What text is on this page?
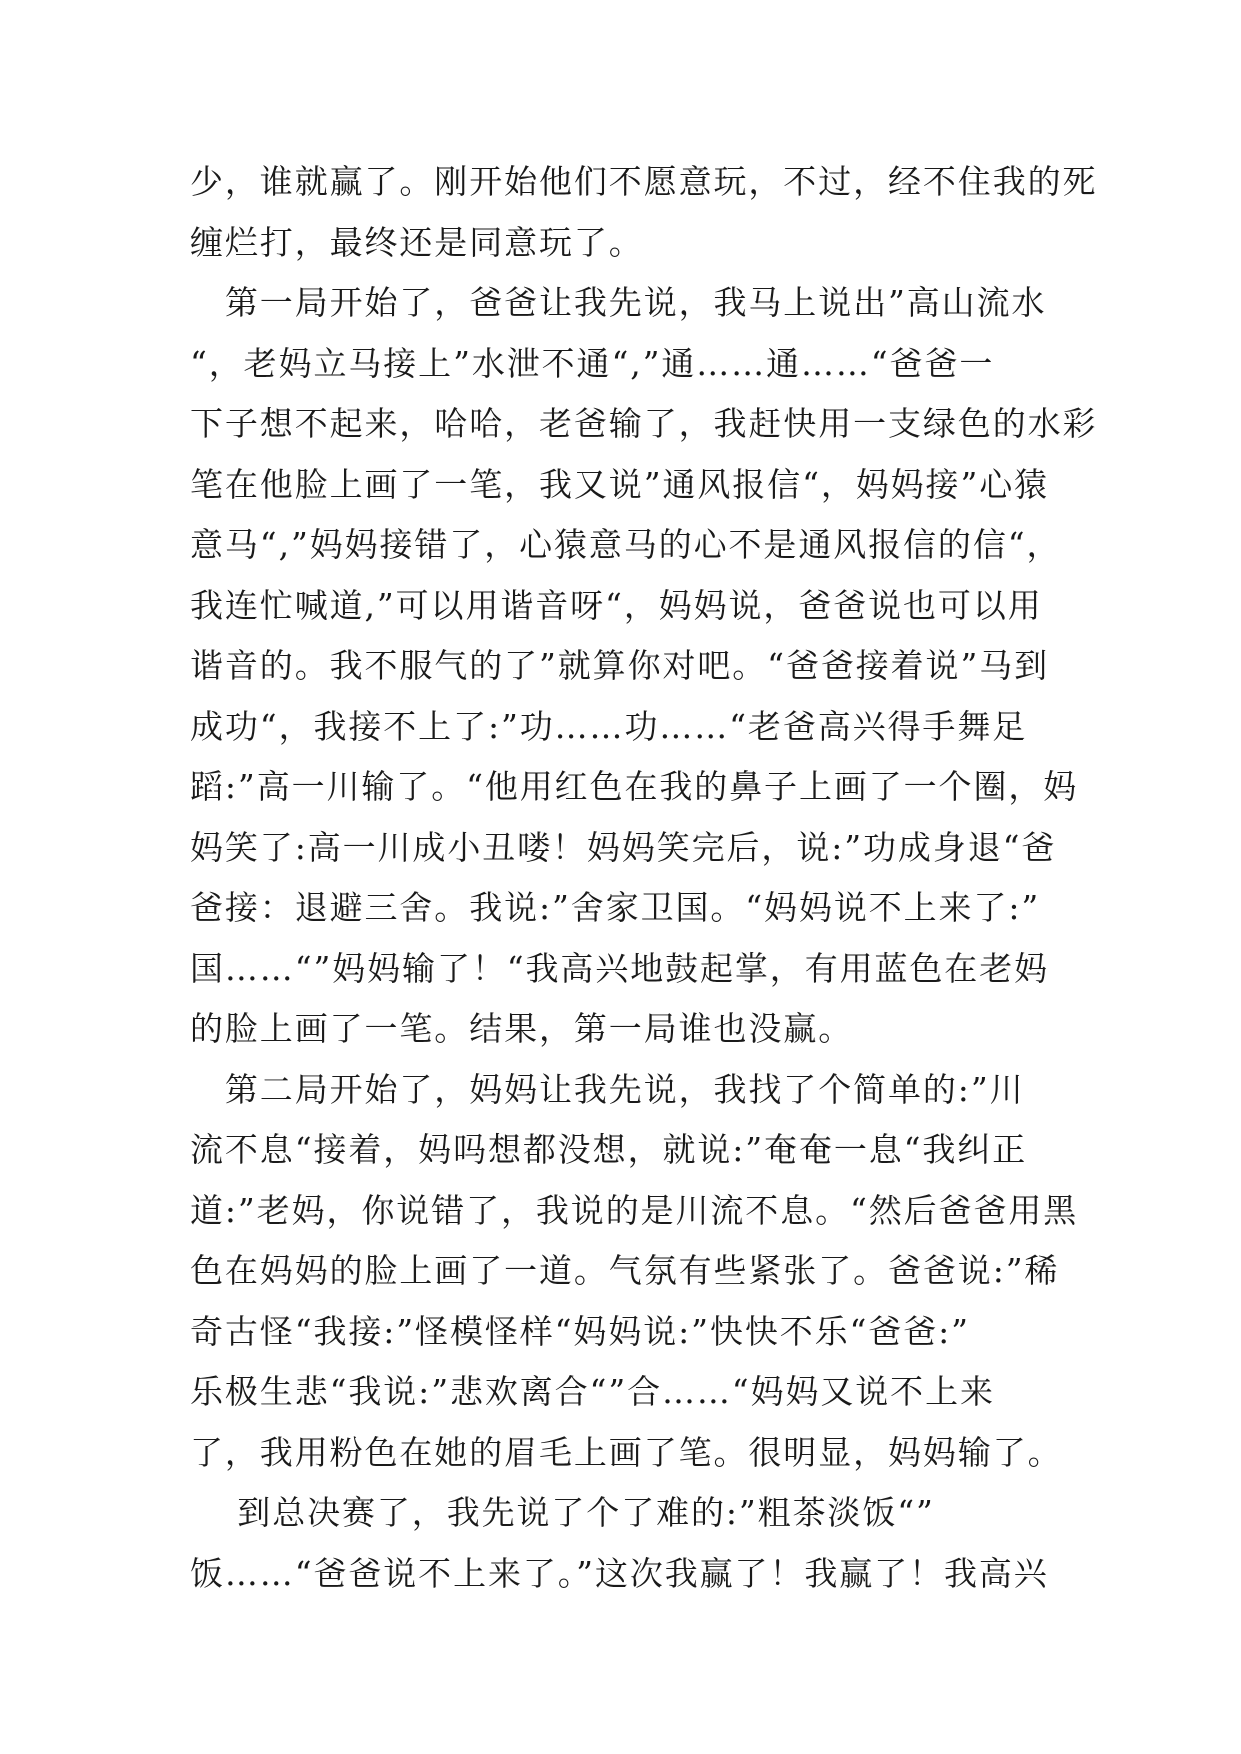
少，谁就赢了。刚开始他们不愿意玩，不过，经不住我的死
缠烂打，最终还是同意玩了。
　第一局开始了，爸爸让我先说，我马上说出”高山流水
“，老妈立马接上”水泄不通“,”通……通……“爸爸一
下子想不起来，哈哈，老爸输了，我赶快用一支绿色的水彩
笔在他脸上画了一笔，我又说”通风报信“，妈妈接”心猿
意马“,”妈妈接错了，心猿意马的心不是通风报信的信“，
我连忙喊道,”可以用谐音呀“，妈妈说，爸爸说也可以用
谐音的。我不服气的了”就算你对吧。“爸爸接着说”马到
成功“，我接不上了:”功……功……“老爸高兴得手舞足
蹈:”高一川输了。“他用红色在我的鼻子上画了一个圈，妈
妈笑了:高一川成小丑喽！妈妈笑完后，说:”功成身退“爸
爸接：退避三舍。我说:”舍家卫国。“妈妈说不上来了:”
国……“”妈妈输了！“我高兴地鼓起掌，有用蓝色在老妈
的脸上画了一笔。结果，第一局谁也没赢。
　第二局开始了，妈妈让我先说，我找了个简单的:”川
流不息“接着，妈吗想都没想，就说:”奄奄一息“我纠正
道:”老妈，你说错了，我说的是川流不息。“然后爸爸用黑
色在妈妈的脸上画了一道。气氛有些紧张了。爸爸说:”稀
奇古怪“我接:”怪模怪样“妈妈说:”快快不乐“爸爸:”
乐极生悲“我说:”悲欢离合“”合……“妈妈又说不上来
了，我用粉色在她的眉毛上画了笔。很明显，妈妈输了。
　 到总决赛了，我先说了个了难的:”粗茶淡饭“”
饭……“爸爸说不上来了。”这次我赢了！我赢了！我高兴
